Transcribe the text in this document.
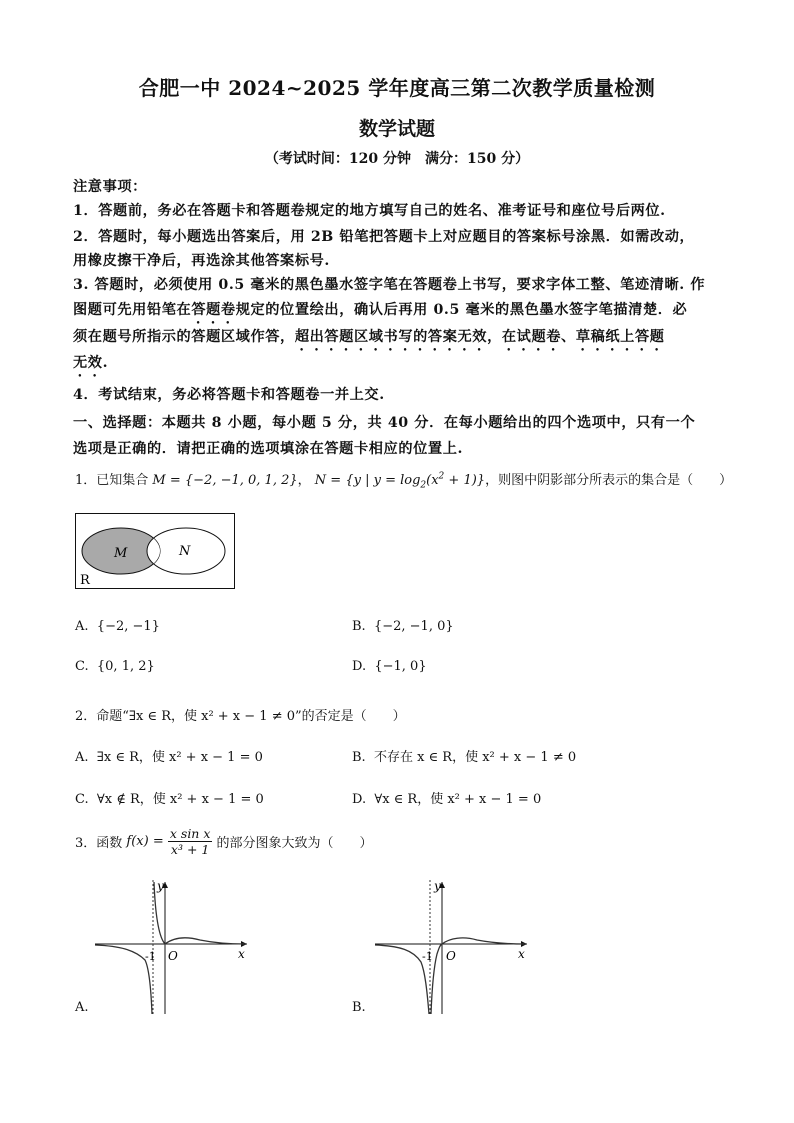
合肥一中 2024~2025 学年度高三第二次教学质量检测
数学试题
（考试时间：120 分钟　满分：150 分）
注意事项：
1．答题前，务必在答题卡和答题卷规定的地方填写自己的姓名、准考证号和座位号后两位.
2．答题时，每小题选出答案后，用 2B 铅笔把答题卡上对应题目的答案标号涂黑．如需改动，
用橡皮擦干净后，再选涂其他答案标号.
3. 答题时，必须使用 0.5 毫米的黑色墨水签字笔在答题卷上书写，要求字体工整、笔迹清晰. 作
图题可先用铅笔在答题卷规定的位置绘出，确认后再用 0.5 毫米的黑色墨水签字笔描清楚．必
须在题号所指示的答题区域作答，超出答题区域书写的答案无效，在试题卷、草稿纸上答题
无效.
4．考试结束，务必将答题卡和答题卷一并上交.
一、选择题：本题共 8 小题，每小题 5 分，共 40 分．在每小题给出的四个选项中，只有一个
选项是正确的．请把正确的选项填涂在答题卡相应的位置上.
1．已知集合 M = {−2, −1, 0, 1, 2}， N = {y | $y = \log_2(x^2 + 1)$}，则图中阴影部分所表示的集合是（　　）
M	N
R
A. {−2, −1}	B. {−2, −1, 0}
C. {0, 1, 2}	D. {−1, 0}
2．命题“∃x ∈ R，使 x² + x − 1 ≠ 0”的否定是（　　）
A. ∃x ∈ R，使 x² + x − 1 = 0	B. 不存在 x ∈ R，使 x² + x − 1 ≠ 0
C. ∀x ∉ R，使 x² + x − 1 = 0	D. ∀x ∈ R，使 x² + x − 1 = 0
3．函数 $f(x) = \frac{\text{x sin x}}{\text{x³ + 1}}$ 的部分图象大致为（　　）
y
x
O
-1
A.
y
x
O
-1
B.
